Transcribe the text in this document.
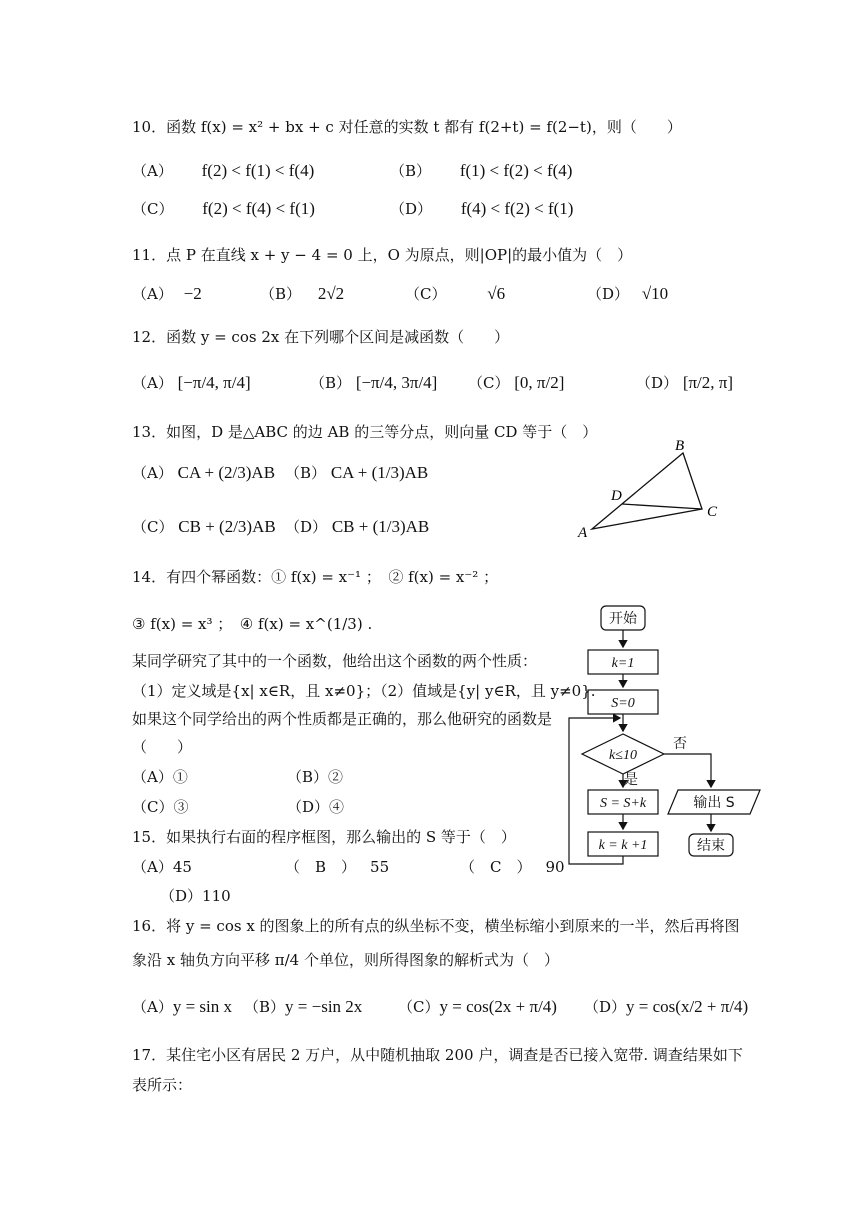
10．函数 f(x) = x² + bx + c 对任意的实数 t 都有 f(2+t) = f(2−t)，则（　　）
（A） f(2) < f(1) < f(4)	（B） f(1) < f(2) < f(4)
（C） f(2) < f(4) < f(1)	（D） f(4) < f(2) < f(1)
11．点 P 在直线 x + y − 4 = 0 上，O 为原点，则|OP|的最小值为（　）
（A） −2	（B） 2√2	（C） √6	（D） √10
12．函数 y = cos 2x 在下列哪个区间是减函数（　　）
（A） [−π/4, π/4]	（B） [−π/4, 3π/4] （C） [0, π/2]	（D） [π/2, π]
13．如图，D 是△ABC 的边 AB 的三等分点，则向量 CD 等于（　）
（A） CA + (2/3)AB （B） CA + (1/3)AB
（C） CB + (2/3)AB （D） CB + (1/3)AB
B
D
C
A
14．有四个幂函数：① f(x) = x⁻¹ ；　② f(x) = x⁻² ；
③ f(x) = x³ ；　④ f(x) = x^(1/3) .
某同学研究了其中的一个函数，他给出这个函数的两个性质：
（1）定义域是{x| x∈R，且 x≠0}；（2）值域是{y| y∈R，且 y≠0}.
如果这个同学给出的两个性质都是正确的，那么他研究的函数是
（　　）
（A）①	（B）②
（C）③	（D）④
15．如果执行右面的程序框图，那么输出的 S 等于（　）
（A）45	（　B　） 55	（　C　） 90
（D）110
开始
k=1
S=0
k≤10
否
是
S = S+k
k = k +1
输出 S
结束
16．将 y = cos x 的图象上的所有点的纵坐标不变，横坐标缩小到原来的一半，然后再将图
象沿 x 轴负方向平移 π/4 个单位，则所得图象的解析式为（　）
（A）y = sin x （B）y = −sin 2x （C）y = cos(2x + π/4) （D）y = cos(x/2 + π/4)
17．某住宅小区有居民 2 万户，从中随机抽取 200 户，调查是否已接入宽带. 调查结果如下
表所示：
